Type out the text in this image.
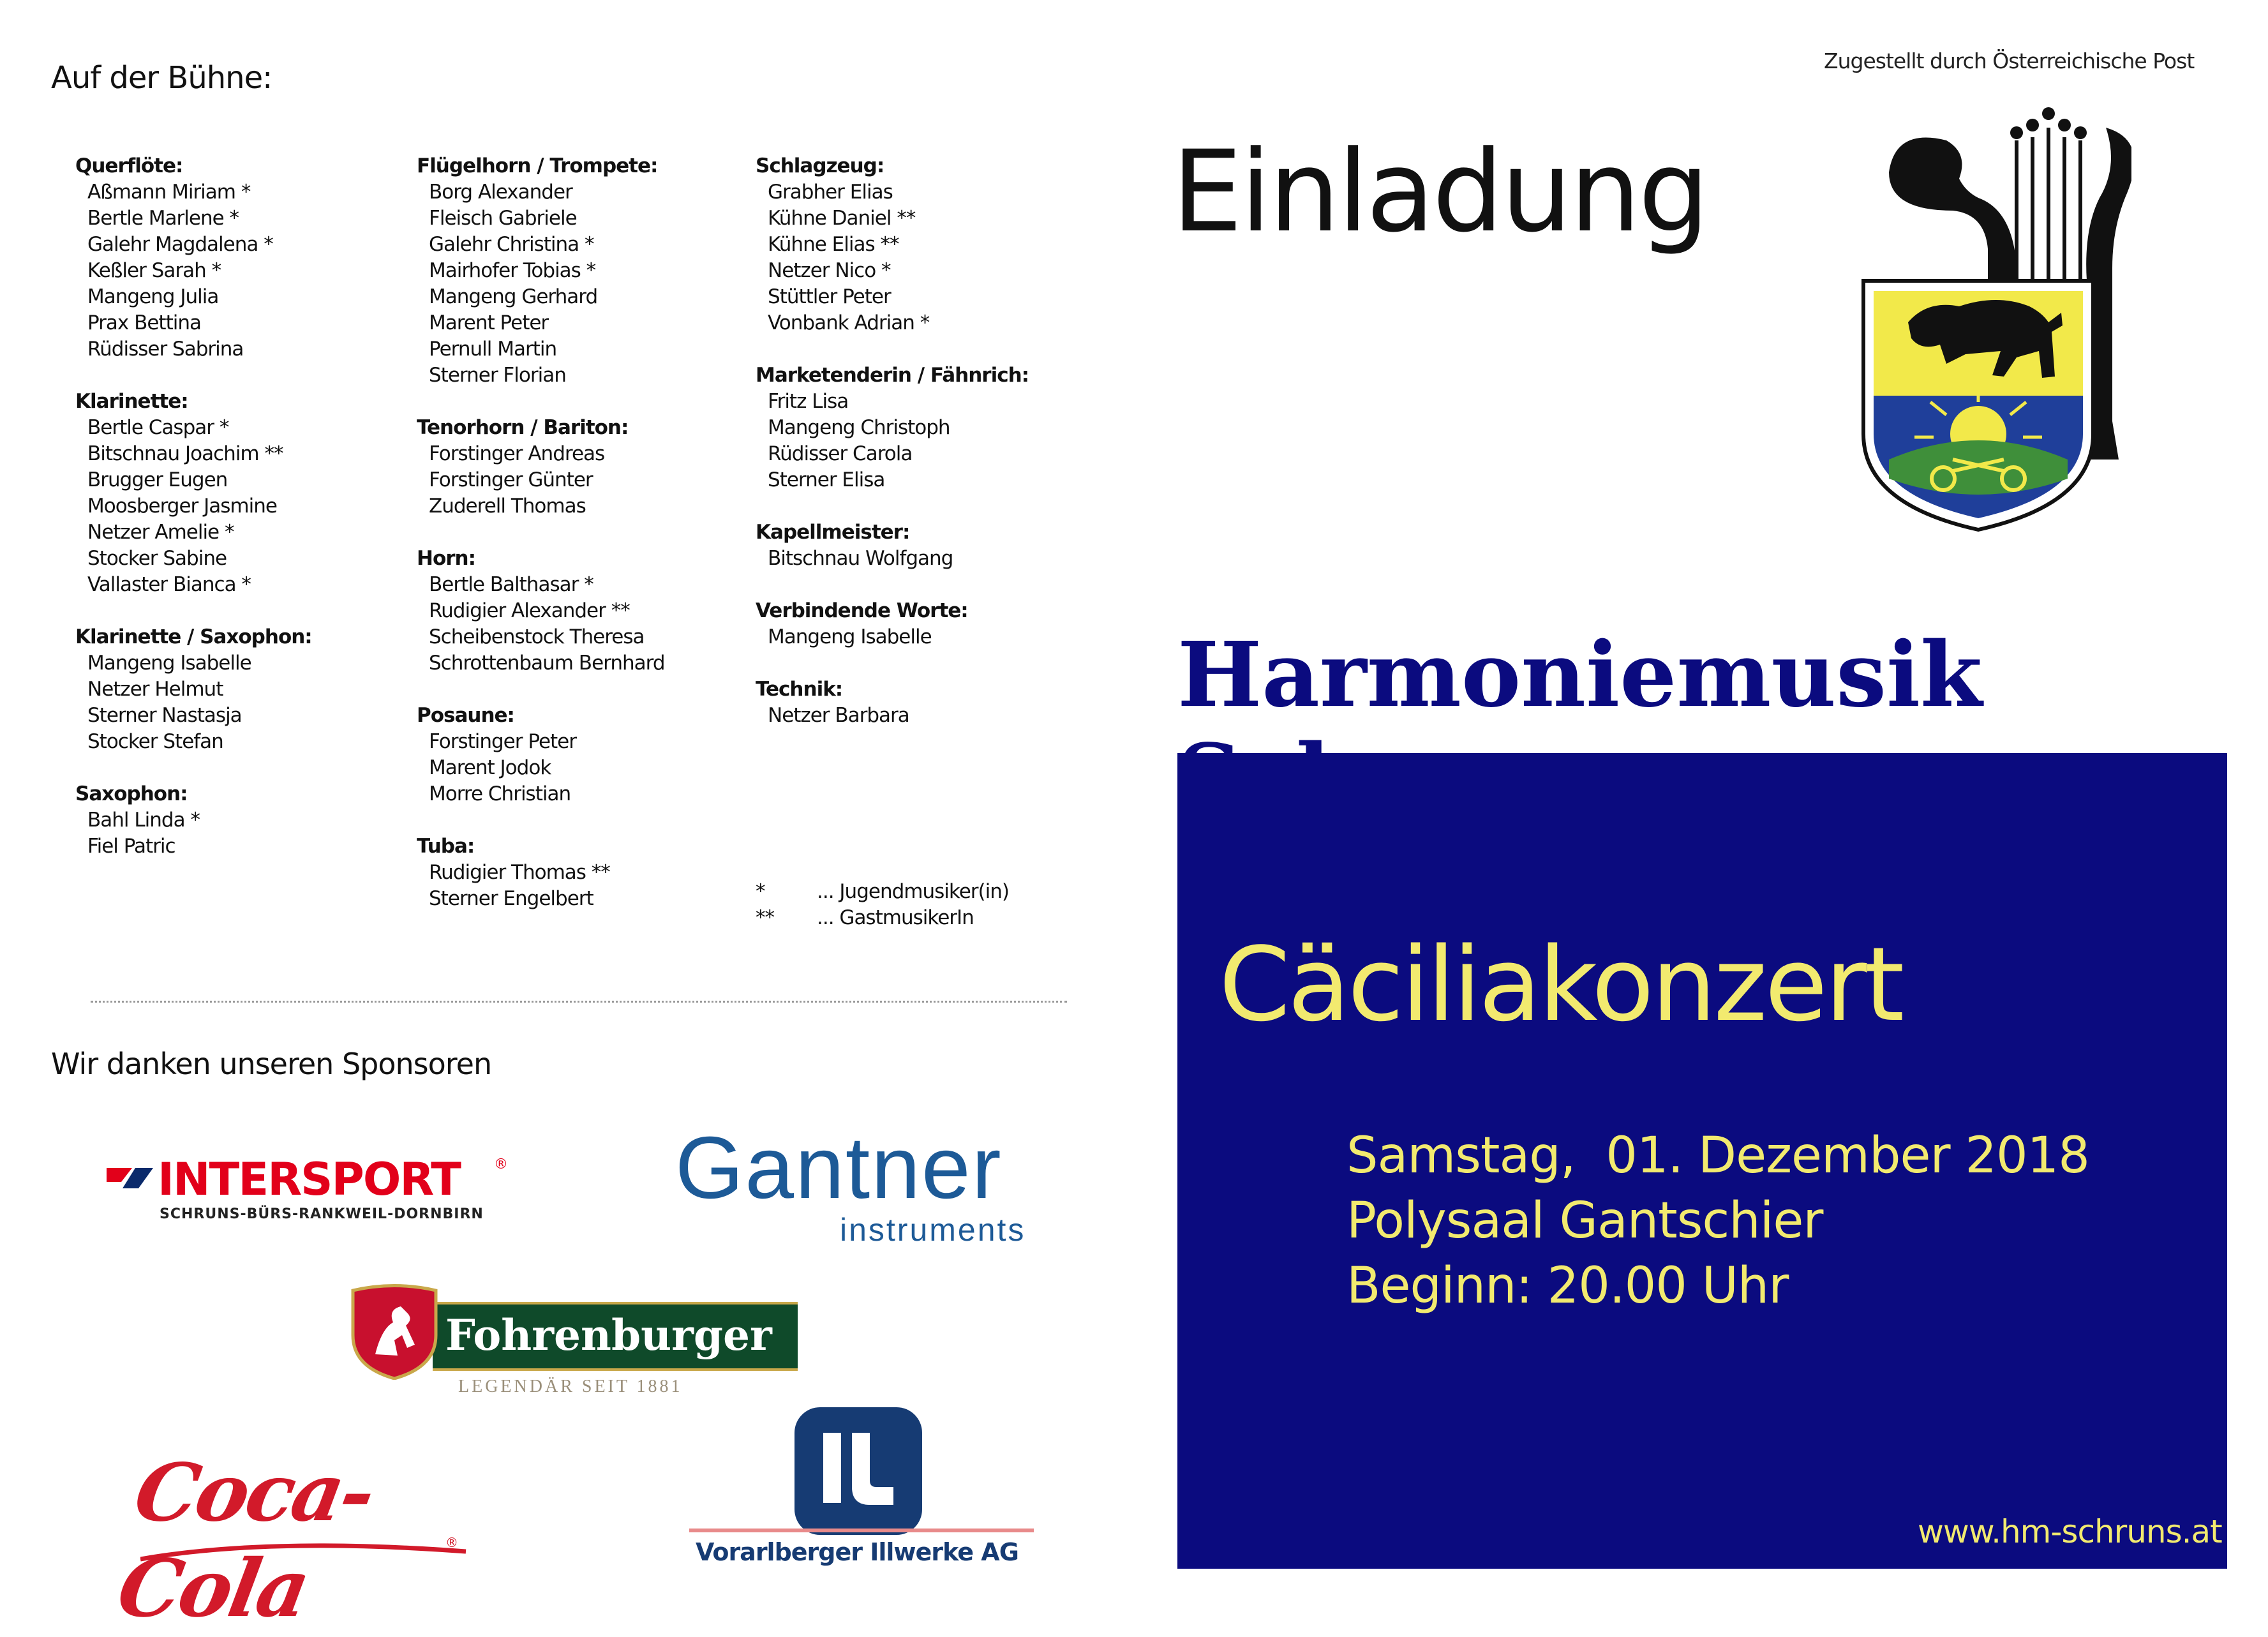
Auf der Bühne:
Querflöte:
Aßmann Miriam *
Bertle Marlene *
Galehr Magdalena *
Keßler Sarah *
Mangeng Julia
Prax Bettina
Rüdisser Sabrina
Klarinette:
Bertle Caspar *
Bitschnau Joachim **
Brugger Eugen
Moosberger Jasmine
Netzer Amelie *
Stocker Sabine
Vallaster Bianca *
Klarinette / Saxophon:
Mangeng Isabelle
Netzer Helmut
Sterner Nastasja
Stocker Stefan
Saxophon:
Bahl Linda *
Fiel Patric
Flügelhorn / Trompete:
Borg Alexander
Fleisch Gabriele
Galehr Christina *
Mairhofer Tobias *
Mangeng Gerhard
Marent Peter
Pernull Martin
Sterner Florian
Tenorhorn / Bariton:
Forstinger Andreas
Forstinger Günter
Zuderell Thomas
Horn:
Bertle Balthasar *
Rudigier Alexander **
Scheibenstock Theresa
Schrottenbaum Bernhard
Posaune:
Forstinger Peter
Marent Jodok
Morre Christian
Tuba:
Rudigier Thomas **
Sterner Engelbert
Schlagzeug:
Grabher Elias
Kühne Daniel **
Kühne Elias **
Netzer Nico *
Stüttler Peter
Vonbank Adrian *
Marketenderin / Fähnrich:
Fritz Lisa
Mangeng Christoph
Rüdisser Carola
Sterner Elisa
Kapellmeister:
Bitschnau Wolfgang
Verbindende Worte:
Mangeng Isabelle
Technik:
Netzer Barbara
*	... Jugendmusiker(in)
** ... GastmusikerIn
Wir danken unseren Sponsoren
INTERSPORT ®
SCHRUNS-BÜRS-RANKWEIL-DORNBIRN Gantner
instruments
Fohrenburger
LEGENDÄR SEIT 1881
Coca-Cola	®	Vorarlberger Illwerke AG
Zugestellt durch Österreichische Post
Einladung
Harmoniemusik
Cäciliakonzert
Samstag,  01. Dezember 2018
Polysaal Gantschier
Beginn: 20.00 Uhr
www.hm-schruns.at
